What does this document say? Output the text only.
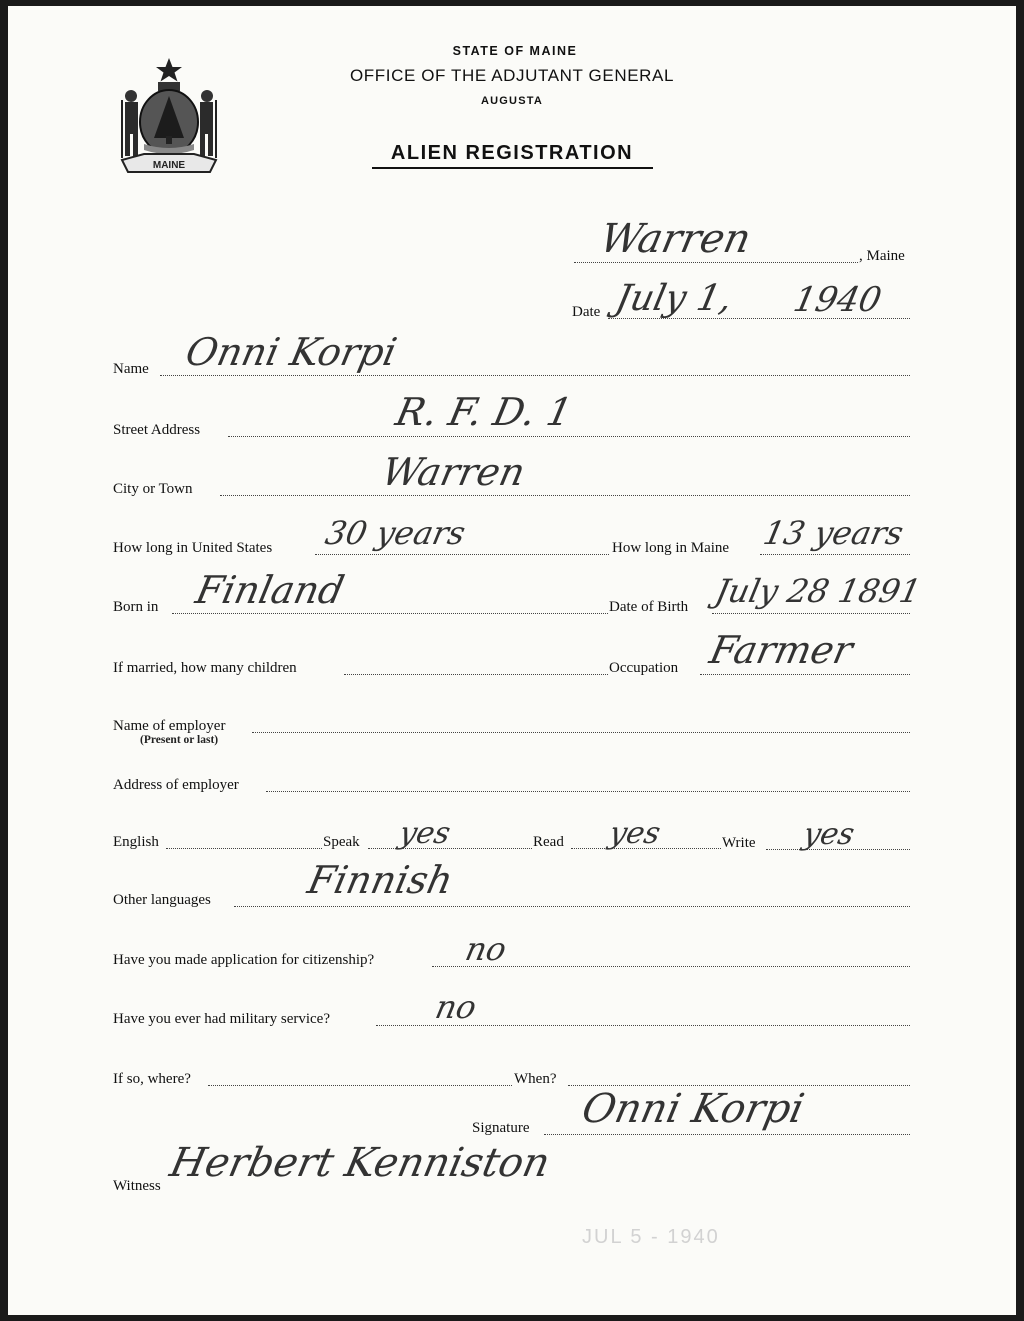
MAINE
STATE OF MAINE
OFFICE OF THE ADJUTANT GENERAL
AUGUSTA
ALIEN REGISTRATION
Warren	, Maine
Date July 1, 1940
Name Onni Korpi
Street Address	R. F. D. 1
City or Town	Warren
How long in United States 30 years	How long in Maine 13 years
Born in Finland	Date of Birth July 28 1891
If married, how many children	Occupation Farmer
Name of employer
(Present or last)
Address of employer
English	Speak yes	Read yes	Write yes
Other languages Finnish
Have you made application for citizenship?	no
Have you ever had military service?	no
If so, where?	When?
Signature Onni Korpi
Witness Herbert Kenniston
JUL 5 - 1940
